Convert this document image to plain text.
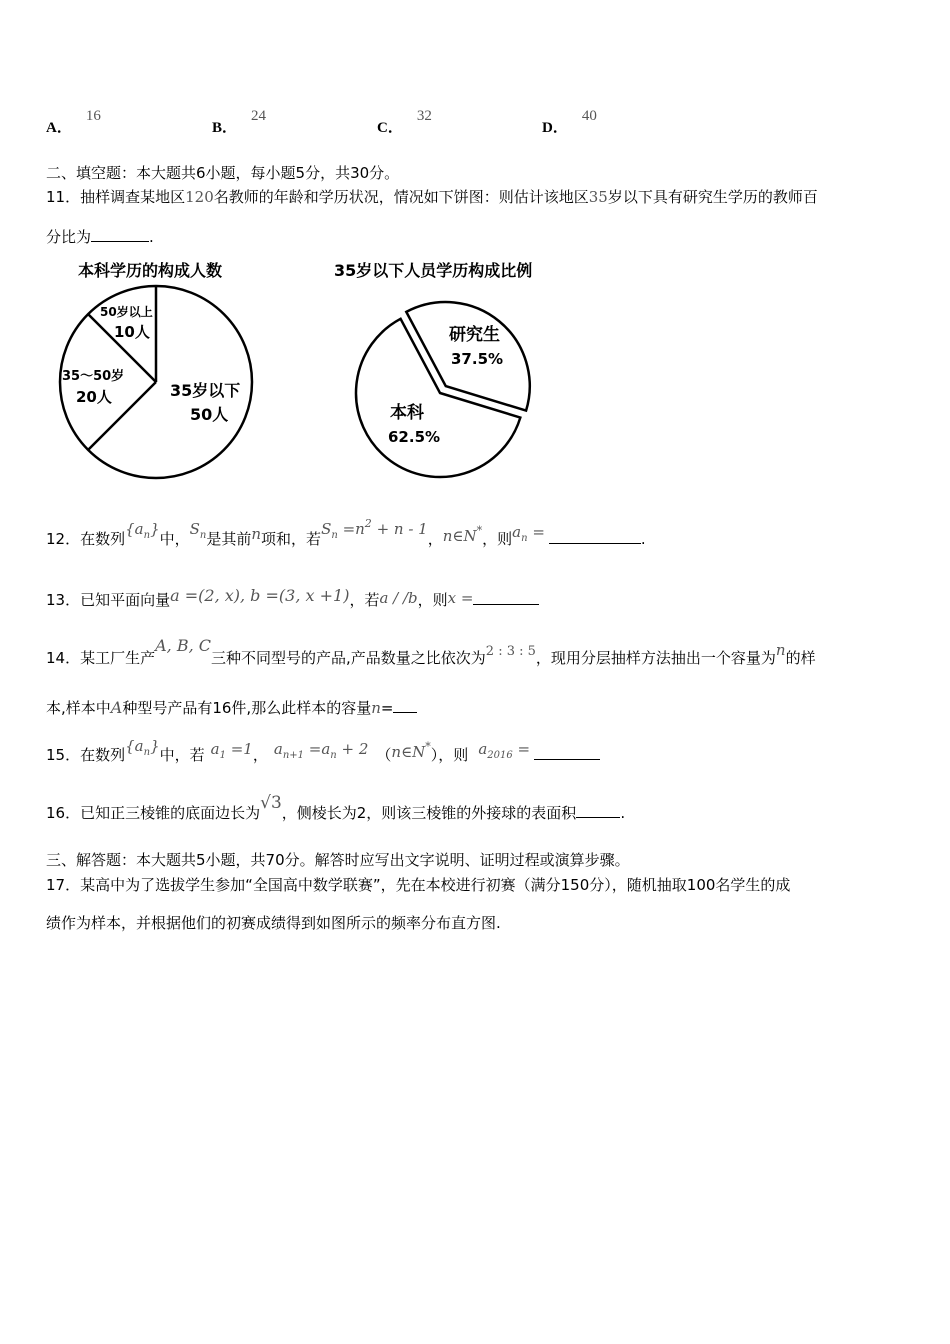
A．16
B．24
C．32
D．40
二、填空题：本大题共6小题，每小题5分，共30分。
11．抽样调查某地区120名教师的年龄和学历状况，情况如下饼图：则估计该地区35岁以下具有研究生学历的教师百
分比为	.
本科学历的构成人数
50岁以上
10人
35～50岁
20人	35岁以下
50人
35岁以下人员学历构成比例
研究生
37.5%
本科
62.5%
12．在数列$\{a_n\}$中，$S_n$是其前n项和，若$S_n =n^2 + n - 1$，n∈N*，则$a_n$ =	.
13．已知平面向量a =(2, x), b =(3, x +1)，若a / /b，则x =
14．某工厂生产A, B, C三种不同型号的产品,产品数量之比依次为2 : 3 : 5，现用分层抽样方法抽出一个容量为n的样
本,样本中A种型号产品有16件,那么此样本的容量n=
15．在数列$\{a_n\}$中，若 $a_1 =1$， $a_{n+1} =a_n + 2$ （n∈N*），则 $a_{2016}$ =
16．已知正三棱锥的底面边长为√3，侧棱长为2，则该三棱锥的外接球的表面积	.
三、解答题：本大题共5小题，共70分。解答时应写出文字说明、证明过程或演算步骤。
17．某高中为了选拔学生参加“全国高中数学联赛”，先在本校进行初赛（满分150分），随机抽取100名学生的成
绩作为样本，并根据他们的初赛成绩得到如图所示的频率分布直方图.
